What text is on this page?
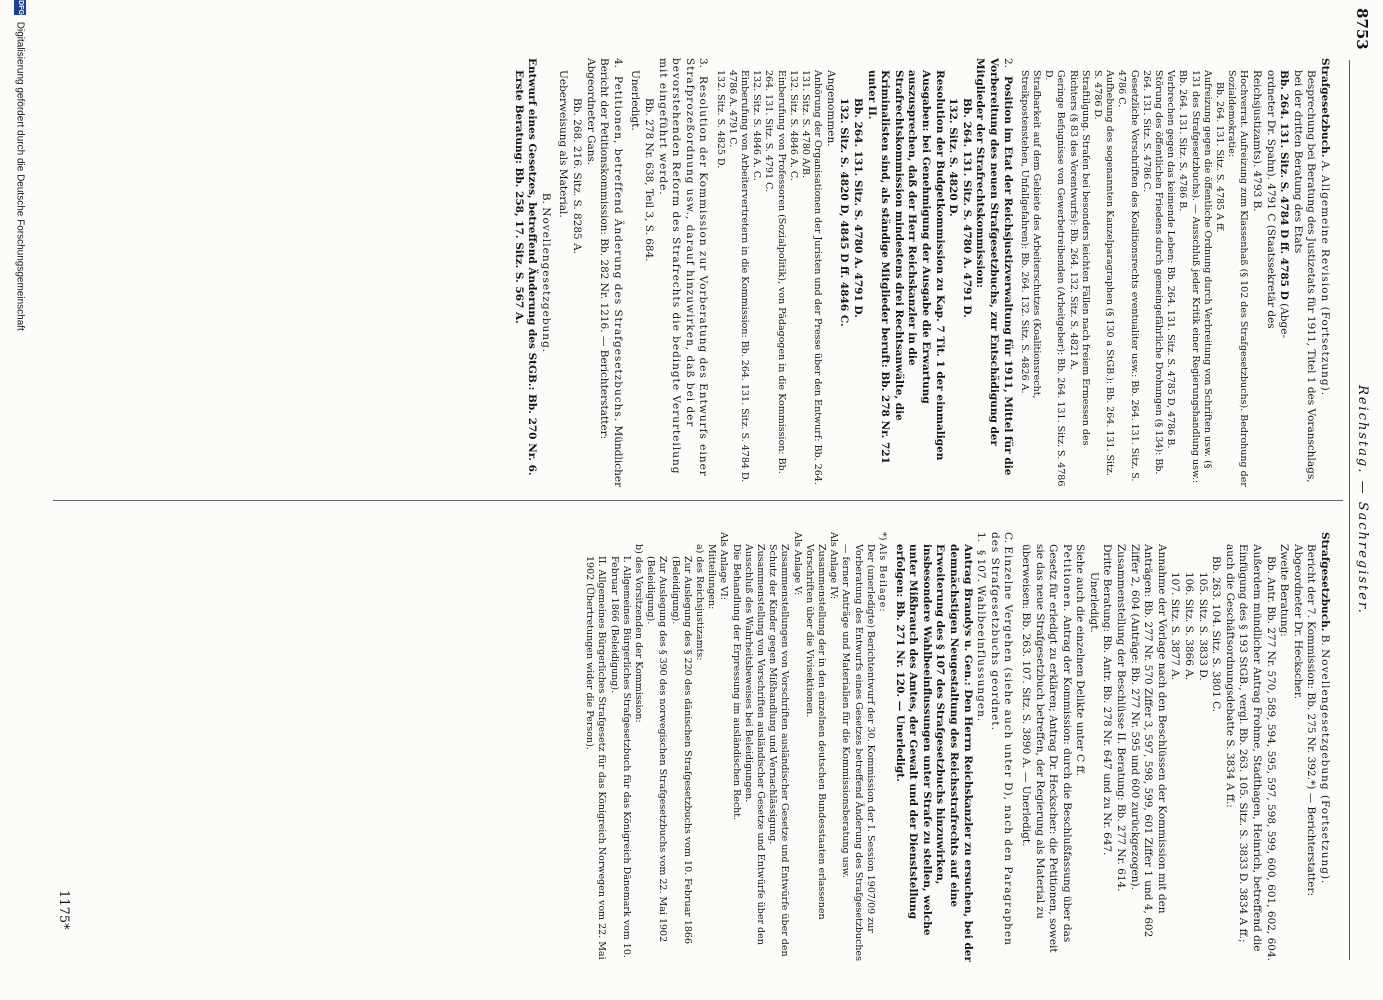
8753
Reichstag. — Sachregister.

Strafgesetzbuch. A. Allgemeine Revision (Fortsetzung).

Besprechung bei Beratung des Justizetats für 1911, Titel 1 des Voranschlags, bei der dritten Beratung des Etats

Bb. 264. 131. Sitz. S. 4784 D ff. 4785 D (Abge-

ordneter Dr. Spahn). 4791 C (Staatssekretär des

Reichsjustizamts). 4793 B.

Hochverrat. Aufreizung zum Klassenhaß (§ 102 des Strafgesetzbuchs). Bedrohung der Sozialdemokratie:

Bb. 264. 131. Sitz. S. 4785 A ff.

Aufreizung gegen die öffentliche Ordnung durch Verbreitung von Schriften usw. (§ 131 des Strafgesetzbuchs). — Ausschluß jeder Kritik einer Regierungshandlung usw.: Bb. 264. 131. Sitz. S. 4786 B.

Verbrechen gegen das keimende Leben: Bb. 264. 131. Sitz. S. 4785 D, 4786 B.

Störung des öffentlichen Friedens durch gemeingefährliche Drohungen (§ 134): Bb. 264. 131. Sitz. S. 4786 C.

Gesetzliche Vorschriften des Koalitionsrechts eventualiter usw.: Bb. 264. 131. Sitz. S. 4786 C.

Aufhebung des sogenannten Kanzelparagraphen (§ 130 a StGB.): Bb. 264. 131. Sitz. S. 4786 D.

Straftilgung. Strafen bei besonders leichten Fällen nach freiem Ermessen des Richters (§ 83 des Vorentwurfs): Bb. 264. 132. Sitz. S. 4821 A.

Geringe Befugnisse von Gewerbetreibenden (Arbeitgeber): Bb. 264. 131. Sitz. S. 4786 D.

Strafbarkeit auf dem Gebiete des Arbeiterschutzes (Koalitionsrecht, Streikpostenstehen, Unfallgefahren): Bb. 264. 132. Sitz. S. 4826 A.

2.Position im Etat der Reichsjustizverwaltung für 1911, Mittel für die Vorbereitung des neuen Strafgesetzbuchs, zur Entschädigung der Mitglieder der Strafrechtskommission:

Bb. 264. 131. Sitz. S. 4780 A. 4791 D.

132. Sitz. S. 4820 D.

Resolution der Budgetkommission zu Kap. 7 Tit. 1 der einmaligen Ausgaben: bei Genehmigung der Ausgabe die Erwartung auszusprechen, daß der Herr Reichskanzler in die Strafrechtskommission mindestens drei Rechtsanwälte, die Kriminalisten sind, als ständige Mitglieder beruft: Bb. 278 Nr. 721 unter II.

Bb. 264. 131. Sitz. S. 4780 A. 4791 D.

132. Sitz. S. 4820 D, 4845 D ff. 4846 C.

Angenommen.

Anhörung der Organisationen der Juristen und der Presse über den Entwurf: Bb. 264. 131. Sitz. S. 4780 A/B.

132. Sitz. S. 4846 A. C.

Einberufung von Professoren (Sozialpolitik), von Pädagogen in die Kommission: Bb. 264. 131. Sitz. S. 4791 C.

132. Sitz. S. 4846 A. C.

Einberufung von Arbeitervertretern in die Kommission: Bb. 264. 131. Sitz. S. 4784 D. 4786 A. 4791 C.

132. Sitz. S. 4825 D.

3.Resolution der Kommission zur Vorberatung des Entwurfs einer Strafprozeßordnung usw., darauf hinzuwirken, daß bei der bevorstehenden Reform des Strafrechts die bedingte Verurteilung mit eingeführt werde.

Bb. 278 Nr. 638, Teil 3, S. 684.

Unerledigt.

4.Petitionen, betreffend Änderung des Strafgesetzbuchs. Mündlicher Bericht der Petitionskommission: Bb. 282 Nr. 1216. — Berichterstatter: Abgeordneter Gans.

Bb. 268. 216. Sitz. S. 8285 A.

Ueberweisung als Material.

B. Novellengesetzgebung.

Entwurf eines Gesetzes, betreffend Änderung des StGB.: Bb. 270 Nr. 6.

Erste Beratung: Bb. 258, 17. Sitz. S. 567 A.

Strafgesetzbuch. B. Novellengesetzgebung (Fortsetzung).

Bericht der 7. Kommission: Bb. 275 Nr. 392.*) — Berichterstatter: Abgeordneter Dr. Heckscher.

Zweite Beratung:

Bb. Antr. Bb. 277 Nr. 570, 589, 594, 595, 597, 598, 599, 600, 601, 602, 604.

Außerdem mündlicher Antrag Frohme, Stadthagen, Heinrich, betreffend die Einfügung des § 193 StGB., vergl. Bb. 263. 105. Sitz. S. 3833 D. 3834 A ff.; auch die Geschäftsordnungsdebatte S. 3834 A ff.:

Bb. 263. 104. Sitz. S. 3801 C.

105. Sitz. S. 3833 D.

106. Sitz. S. 3866 A.

107. Sitz. S. 3877 A.

Annahme der Vorlage nach den Beschlüssen der Kommission mit den Anträgen: Bb. 277 Nr. 570 Ziffer 3, 597, 598, 599, 601 Ziffer 1 und 4, 602 Ziffer 2, 604 (Anträge: Bb. 277 Nr. 595 und 600 zurückgezogen).

Zusammenstellung der Beschlüsse II. Beratung: Bb. 277 Nr. 614.

Dritte Beratung: Bb. Antr. Bb. 278 Nr. 647 und zu Nr. 647.

Unerledigt.

Siehe auch die einzelnen Delikte unter C ff.

Petitionen. Antrag der Kommission: durch die Beschlußfassung über das Gesetz für erledigt zu erklären; Antrag Dr. Heckscher: die Petitionen, soweit sie das neue Strafgesetzbuch betreffen, der Regierung als Material zu überweisen: Bb. 263. 107. Sitz. S. 3890 A. — Unerledigt.

C. Einzelne Vergehen (siehe auch unter D), nach den Paragraphen des Strafgesetzbuchs geordnet.

1.§ 107. Wahlbeeinflussungen.

Antrag Brandys u. Gen.: Den Herrn Reichskanzler zu ersuchen, bei der demnächstigen Neugestaltung des Reichsstrafrechts auf eine Erweiterung des § 107 des Strafgesetzbuchs hinzuwirken, insbesondere Wahlbeeinflussungen unter Strafe zu stellen, welche unter Mißbrauch des Amtes, der Gewalt und der Dienststellung erfolgen: Bb. 271 Nr. 120. — Unerledigt.

*) Als Beilage:

Der (unerledigte) Berichtentwurf der 30. Kommission der I. Session 1907/09 zur Vorberatung des Entwurfs eines Gesetzes betreffend Änderung des Strafgesetzbuches — ferner Anträge und Materialien für die Kommissionsberatung usw.

Als Anlage IV:

Zusammenstellung der in den einzelnen deutschen Bundesstaaten erlassenen Vorschriften über die Vivisektionen.

Als Anlage V:

Zusammenstellungen von Vorschriften ausländischer Gesetze und Entwürfe über den Schutz der Kinder gegen Mißhandlung und Vernachlässigung.

Zusammenstellung von Vorschriften ausländischer Gesetze und Entwürfe über den Ausschluß des Wahrheitsbeweises bei Beleidigungen.

Die Behandlung der Erpressung im ausländischen Recht.

Als Anlage VI:

Mitteilungen:

a) des Reichsjustizamts:

Zur Auslegung des § 220 des dänischen Strafgesetzbuchs vom 10. Februar 1866 (Beleidigung).

Zur Auslegung des § 390 des norwegischen Strafgesetzbuchs vom 22. Mai 1902 (Beleidigung).

b) des Vorsitzenden der Kommission:

I. Allgemeines Bürgerliches Strafgesetzbuch für das Königreich Dänemark vom 10. Februar 1866 (Beleidigung).

II. Allgemeines Bürgerliches Strafgesetz für das Königreich Norwegen vom 22. Mai 1902 (Übertretungen wider die Person).

1175*
DFG Digitalisierung gefördert durch die Deutsche Forschungsgemeinschaft
